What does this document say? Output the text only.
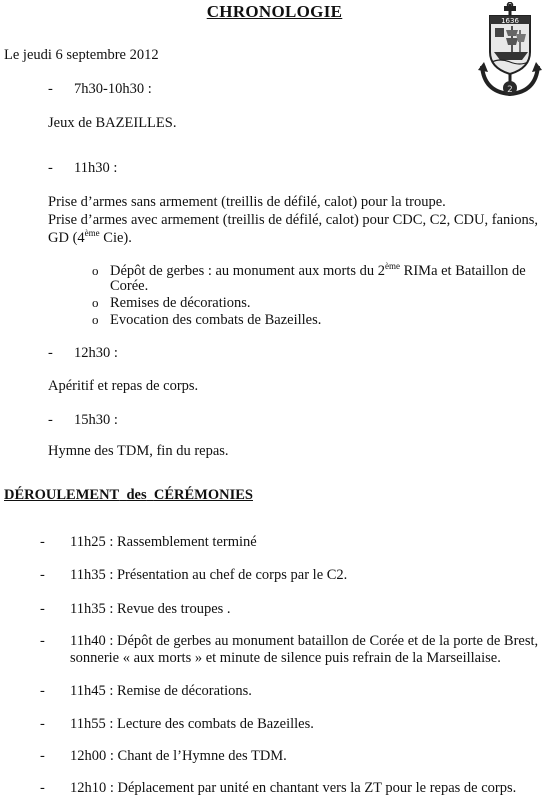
CHRONOLOGIE	1636
2
Le jeudi 6 septembre 2012
- 7h30-10h30 :
Jeux de BAZEILLES.
- 11h30 :
Prise d’armes sans armement (treillis de défilé, calot) pour la troupe.
Prise d’armes avec armement (treillis de défilé, calot) pour CDC, C2, CDU, fanions,
GD (4ème Cie).
o Dépôt de gerbes : au monument aux morts du 2ème RIMa et Bataillon de
Corée.
o Remises de décorations.
o Evocation des combats de Bazeilles.
- 12h30 :
Apéritif et repas de corps.
- 15h30 :
Hymne des TDM, fin du repas.
DÉROULEMENT des CÉRÉMONIES
- 11h25 : Rassemblement terminé
- 11h35 : Présentation au chef de corps par le C2.
- 11h35 : Revue des troupes .
- 11h40 : Dépôt de gerbes au monument bataillon de Corée et de la porte de Brest,
sonnerie « aux morts » et minute de silence puis refrain de la Marseillaise.
- 11h45 : Remise de décorations.
- 11h55 : Lecture des combats de Bazeilles.
- 12h00 : Chant de l’Hymne des TDM.
- 12h10 : Déplacement par unité en chantant vers la ZT pour le repas de corps.
